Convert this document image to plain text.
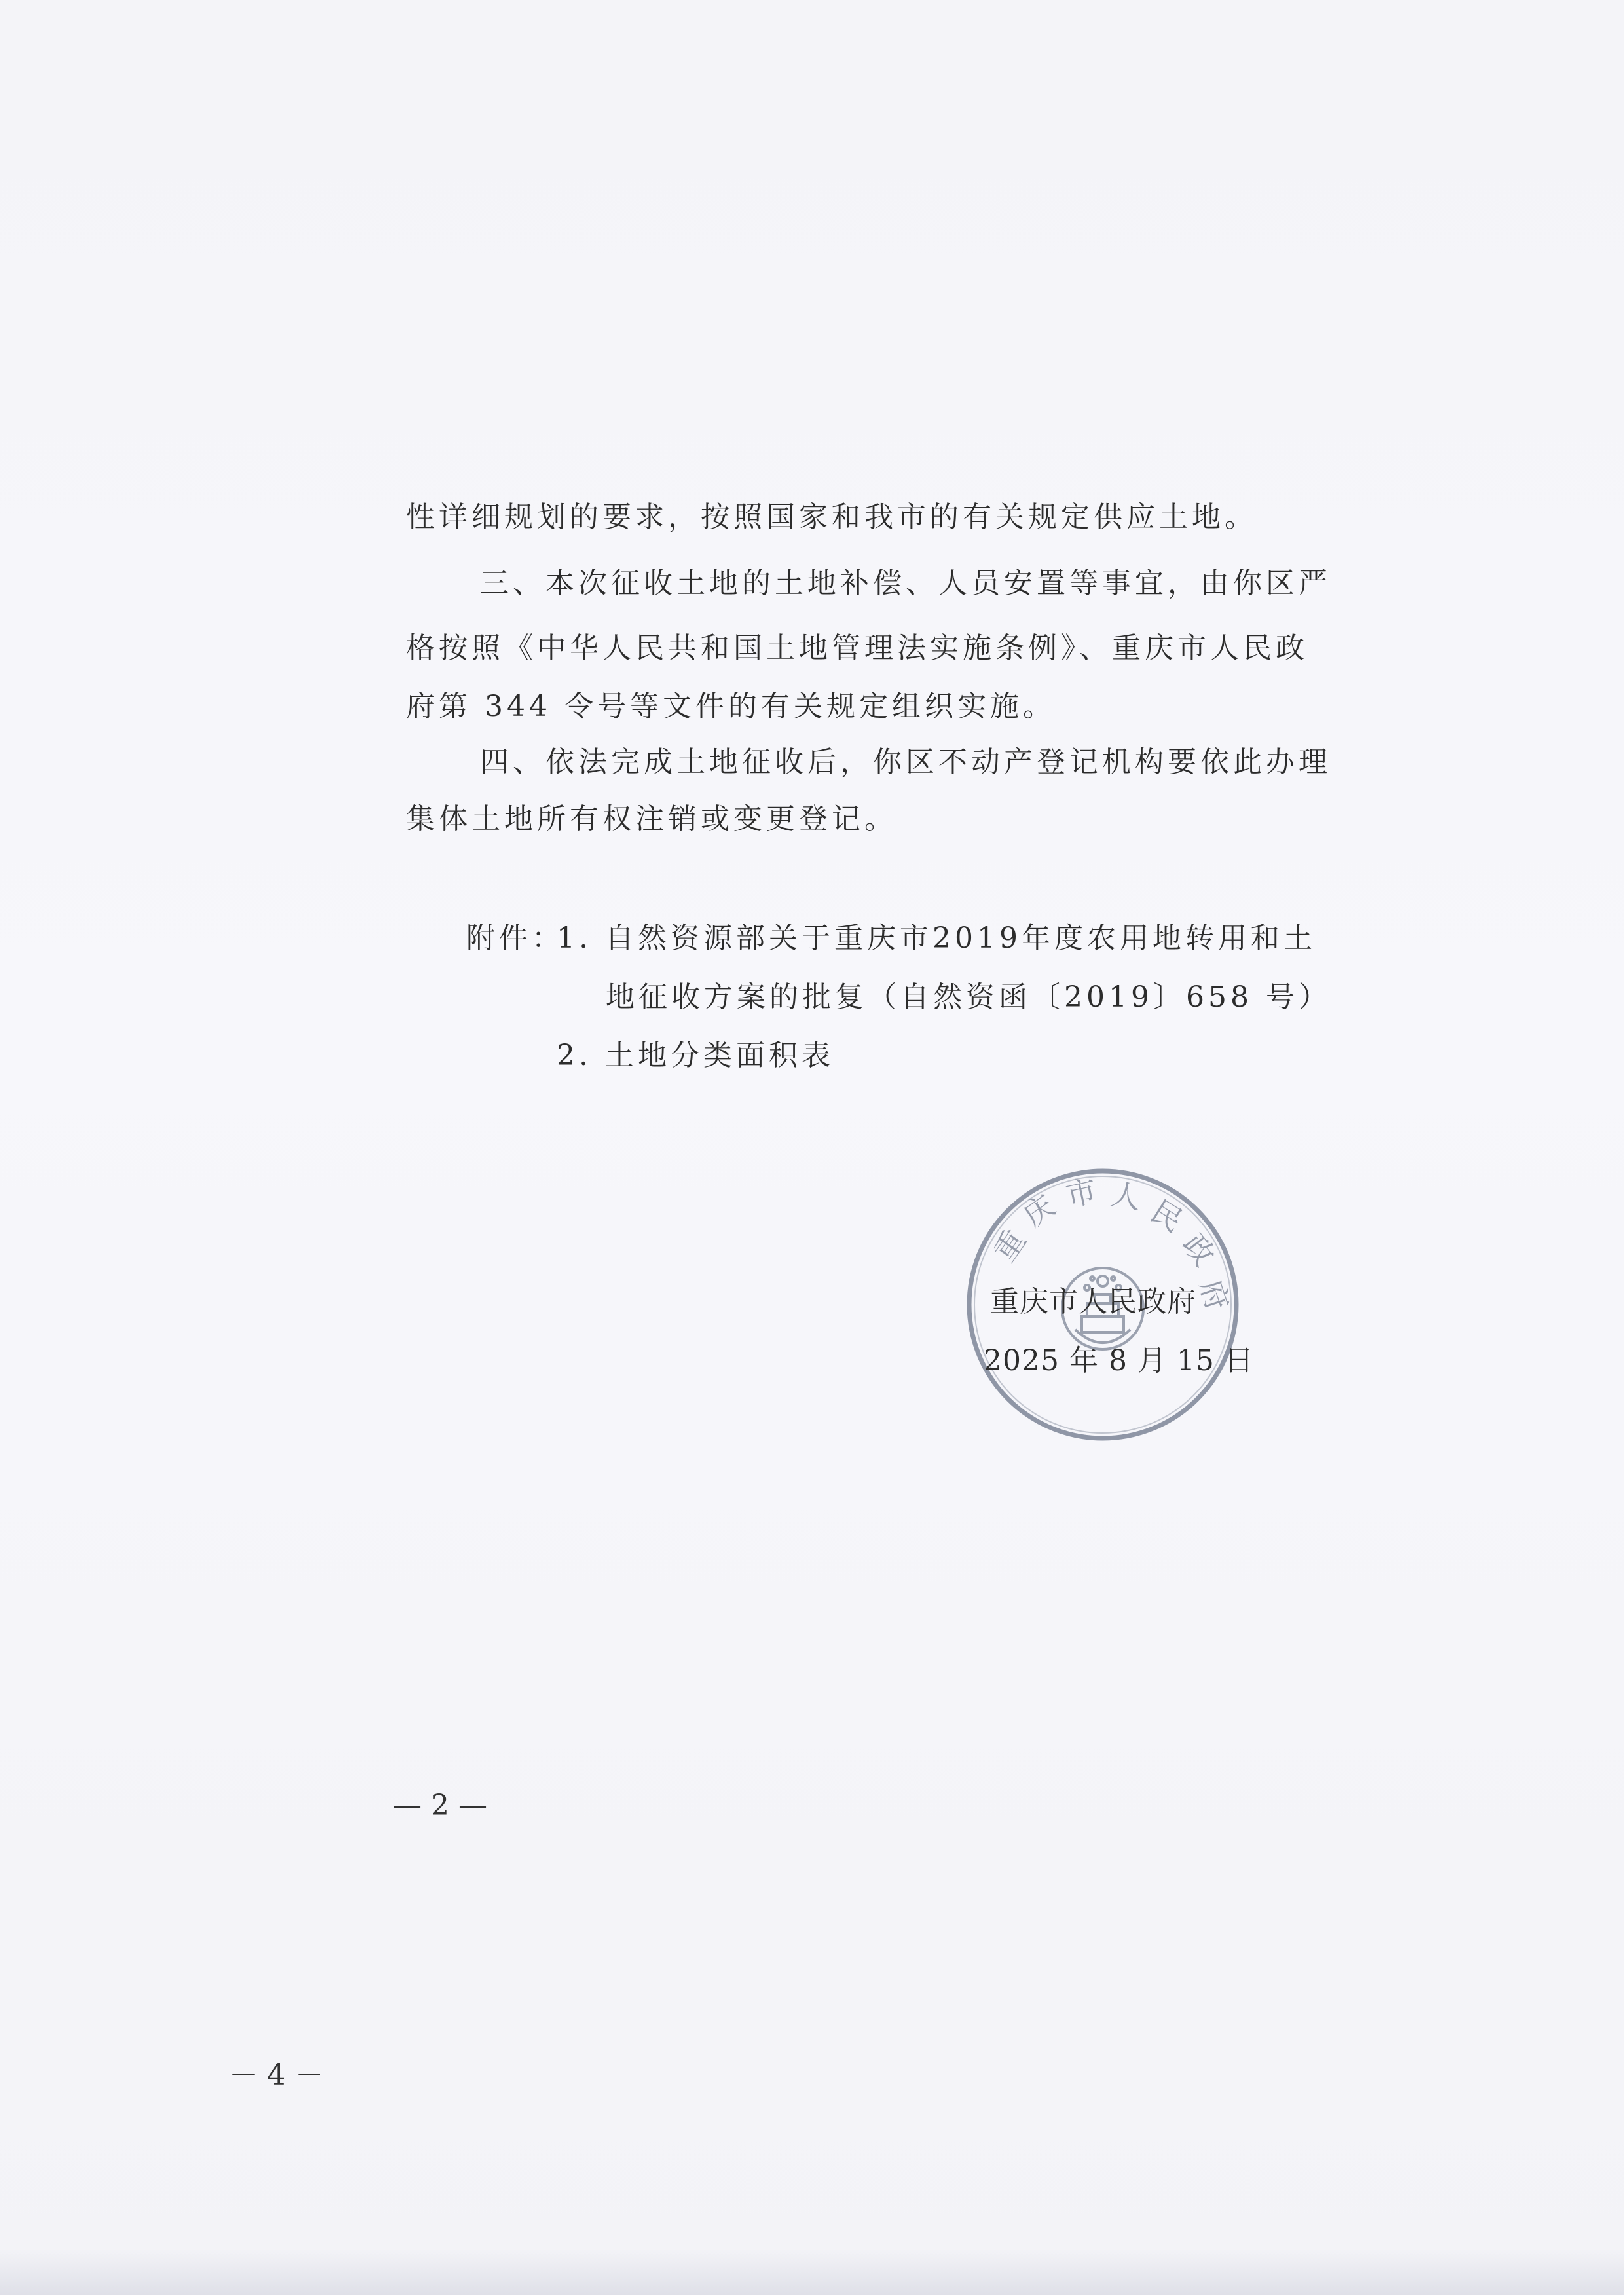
性详细规划的要求，按照国家和我市的有关规定供应土地。
三、本次征收土地的土地补偿、人员安置等事宜，由你区严
格按照《中华人民共和国土地管理法实施条例》、重庆市人民政
府第 344 令号等文件的有关规定组织实施。
四、依法完成土地征收后，你区不动产登记机构要依此办理
集体土地所有权注销或变更登记。
附件：
1. 自然资源部关于重庆市2019年度农用地转用和土
地征收方案的批复（自然资函〔2019〕658 号）
2. 土地分类面积表
重
庆 市 人 民
政
府
重庆市人民政府
2025 年 8 月 15 日
— 2 —
－ 4 －
